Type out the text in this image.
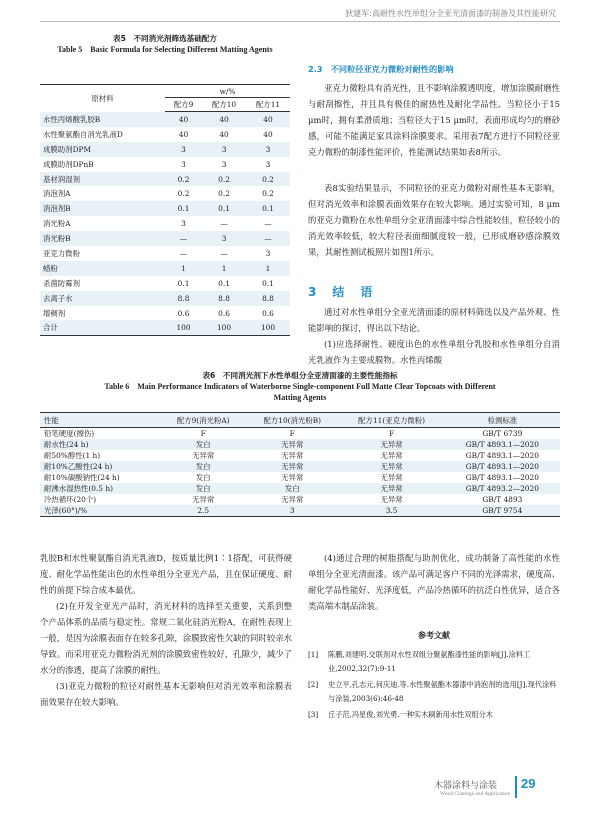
狄建军:高耐性水性单组分全亚光清面漆的制备及其性能研究
表5　不同消光剂筛选基础配方
Table 5　Basic Formula for Selecting Different Matting Agents
原材料	w/%		
	配方9	配方10	配方11
水性丙烯酸乳胶B	40	40	40
水性聚氨酯自消光乳液D	40	40	40
成膜助剂DPM	3	3	3
成膜助剂DPnB	3	3	3
基材润湿剂	0.2	0.2	0.2
消泡剂A	0.2	0.2	0.2
消泡剂B	0.1	0.1	0.1
消光粉A	3	—	—
消光粉B	—	3	—
亚克力微粉	—	—	3
蜡粉	1	1	1
杀菌防霉剂	0.1	0.1	0.1
去离子水	8.8	8.8	8.8
增稠剂	0.6	0.6	0.6
合计	100	100	100
2.3　不同粒径亚克力微粉对耐性的影响
亚克力微粉具有消光性，且不影响涂膜透明度，增加涂膜耐磨性与耐刮擦性，并且具有极佳的耐热性及耐化学品性。当粒径小于15 μm时，拥有柔滑质地；当粒径大于15 μm时，表面形成均匀的磨砂感，可能不能满足家具涂料涂膜要求。采用表7配方进行不同粒径亚克力微粉的制漆性能评价，性能测试结果如表8所示。
表8实验结果显示，不同粒径的亚克力微粉对耐性基本无影响，但对消光效率和涂膜表面效果存在较大影响。通过实验可知，8 μm的亚克力微粉在水性单组分全亚清面漆中综合性能较佳，粒径较小的消光效率较低，较大粒径表面细腻度较一般，已形成磨砂感涂膜效果，其耐性测试板照片如图1所示。
3　结　语
通过对水性单组分全亚光清面漆的原材料筛选以及产品外观、性能影响的探讨，得出以下结论。
(1)应选择耐性、硬度出色的水性单组分乳胶和水性单组分自消光乳液作为主要成膜物。水性丙烯酸
表6　不同消光剂下水性单组分全亚清面漆的主要性能指标
Table 6　Main Performance Indicators of Waterborne Single-component Full Matte Clear Topcoats with Different
Matting Agents
性能	配方9(消光粉A)	配方10(消光粉B)	配方11(亚克力微粉)	检测标准
铅笔硬度(擦伤)	F	F	F	GB/T 6739
耐水性(24 h)	发白	无异常	无异常	GB/T 4893.1—2020
耐50%醇性(1 h)	无异常	无异常	无异常	GB/T 4893.1—2020
耐10%乙酸性(24 h)	发白	无异常	无异常	GB/T 4893.1—2020
耐10%碳酸钠性(24 h)	发白	无异常	无异常	GB/T 4893.1—2020
耐沸水湿热性(0.5 h)	发白	发白	无异常	GB/T 4893.2—2020
冷热循环(20个)	无异常	无异常	无异常	GB/T 4893
光泽(60°)/%	2.5	3	3.5	GB/T 9754

乳胶B和水性聚氨酯自消光乳液D，按质量比例1∶1搭配，可获得硬度、耐化学品性能出色的水性单组分全亚光产品，且在保证硬度、耐性的前提下综合成本最优。

(2)在开发全亚光产品时，消光材料的选择至关重要，关系到整个产品体系的品质与稳定性。常规二氧化硅消光粉A，在耐性表现上一般，是因为涂膜表面存在较多孔隙，涂膜致密性欠缺的同时较亲水导致。而采用亚克力微粉消光剂的涂膜致密性较好，孔隙少，减少了水分的渗透，提高了涂膜的耐性。

(3)亚克力微粉的粒径对耐性基本无影响但对消光效率和涂膜表面效果存在较大影响。

(4)通过合理的树脂搭配与助剂优化，成功制备了高性能的水性单组分全亚光清面漆。该产品可满足客户不同的光泽需求，硬度高、耐化学品性能好、光泽度低，产品冷热循环的抗泛白性优异，适合各类高端木制品涂装。

参考文献
[1]	陈鹏,刘建明.交联剂对水性双组分聚氨酯漆性能的影响[J].涂料工业,2002,32(7):9-11
[2]	史立平,孔志元,何庆迪.等.水性聚氨酯木器漆中消泡剂的选用[J].现代涂料与涂装,2003(6):46-48
[3]	丘子范,冯星俊,刘光勇.一种实木刷新用水性双组分木
木器涂料与涂装
Wood Coatings and Application
29
